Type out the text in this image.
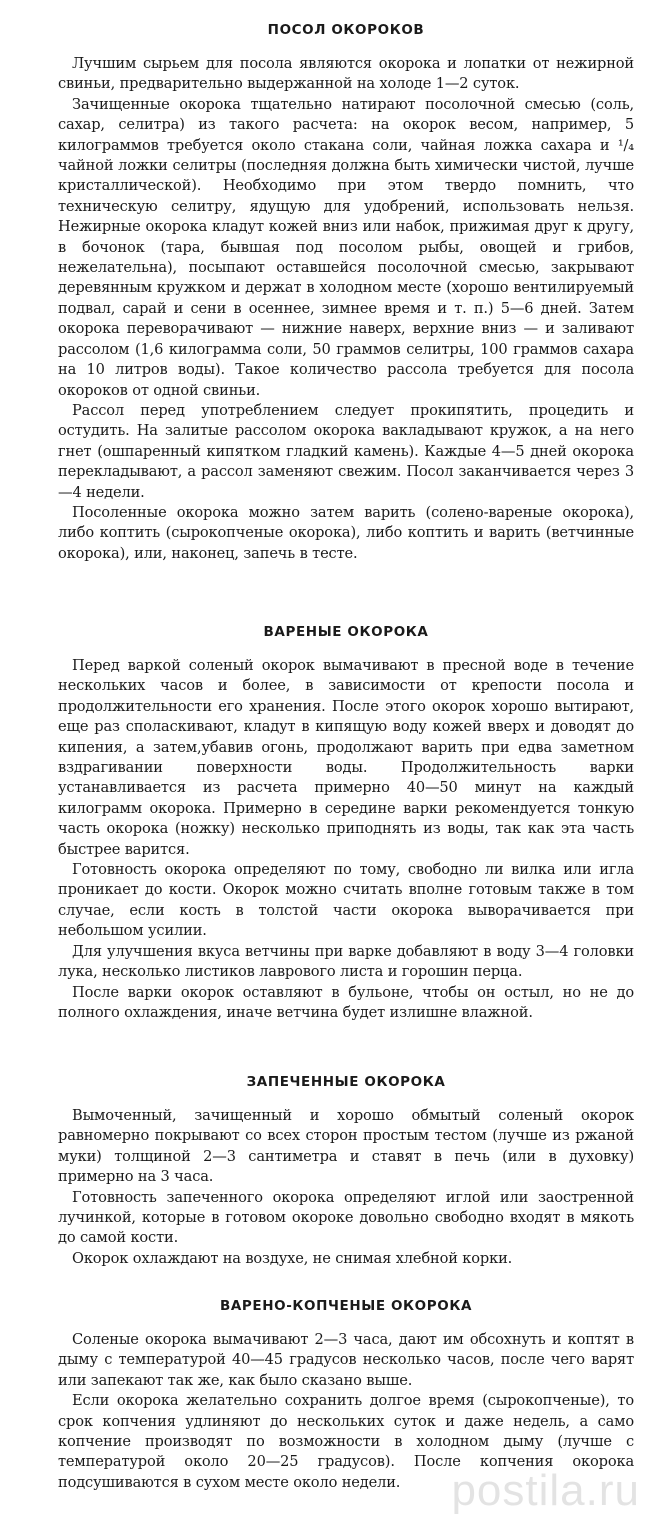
ПОСОЛ ОКОРОКОВ

Лучшим сырьем для посола являются окорока и лопатки от нежирной свиньи, предварительно выдержанной на холоде 1—2 суток.

Зачищенные окорока тщательно натирают посолочной смесью (соль, сахар, селитра) из такого расчета: на окорок весом, например, 5 килограммов требуется около стакана соли, чайная ложка сахара и ¹/₄ чайной ложки селитры (последняя должна быть химически чистой, лучше кристаллической). Необходимо при этом твердо помнить, что техническую селитру, ядущую для удобрений, использовать нельзя. Нежирные окорока кладут кожей вниз или набок, прижимая друг к другу, в бочонок (тара, бывшая под посолом рыбы, овощей и грибов, нежелательна), посыпают оставшейся посолочной смесью, закрывают деревянным кружком и держат в холодном месте (хорошо вентилируемый подвал, сарай и сени в осеннее, зимнее время и т. п.) 5—6 дней. Затем окорока переворачивают — нижние наверх, верхние вниз — и заливают рассолом (1,6 килограмма соли, 50 граммов селитры, 100 граммов сахара на 10 литров воды). Такое количество рассола требуется для посола окороков от одной свиньи.

Рассол перед употреблением следует прокипятить, процедить и остудить. На залитые рассолом окорока вакладывают кружок, а на него гнет (ошпаренный кипятком гладкий камень). Каждые 4—5 дней окорока перекладывают, а рассол заменяют свежим. Посол заканчивается через 3—4 недели.

Посоленные окорока можно затем варить (солено-вареные окорока), либо коптить (сырокопченые окорока), либо коптить и варить (ветчинные окорока), или, наконец, запечь в тесте.

ВАРЕНЫЕ ОКОРОКА

Перед варкой соленый окорок вымачивают в пресной воде в течение нескольких часов и более, в зависимости от крепости посола и продолжительности его хранения. После этого окорок хорошо вытирают, еще раз споласкивают, кладут в кипящую воду кожей вверх и доводят до кипения, а затем,убавив огонь, продолжают варить при едва заметном вздрагивании поверхности воды. Продолжительность варки устанавливается из расчета примерно 40—50 минут на каждый килограмм окорока. Примерно в середине варки рекомендуется тонкую часть окорока (ножку) несколько приподнять из воды, так как эта часть быстрее варится.

Готовность окорока определяют по тому, свободно ли вилка или игла проникает до кости. Окорок можно считать вполне готовым также в том случае, если кость в толстой части окорока выворачивается при небольшом усилии.

Для улучшения вкуса ветчины при варке добавляют в воду 3—4 головки лука, несколько листиков лаврового листа и горошин перца.

После варки окорок оставляют в бульоне, чтобы он остыл, но не до полного охлаждения, иначе ветчина будет излишне влажной.

ЗАПЕЧЕННЫЕ ОКОРОКА

Вымоченный, зачищенный и хорошо обмытый соленый окорок равномерно покрывают со всех сторон простым тестом (лучше из ржаной муки) толщиной 2—3 сантиметра и ставят в печь (или в духовку) примерно на 3 часа.

Готовность запеченного окорока определяют иглой или заостренной лучинкой, которые в готовом окороке довольно свободно входят в мякоть до самой кости.

Окорок охлаждают на воздухе, не снимая хлебной корки.

ВАРЕНО-КОПЧЕНЫЕ ОКОРОКА

Соленые окорока вымачивают 2—3 часа, дают им обсохнуть и коптят в дыму с температурой 40—45 градусов несколько часов, после чего варят или запекают так же, как было сказано выше.

Если окорока желательно сохранить долгое время (сырокопченые), то срок копчения удлиняют до нескольких суток и даже недель, а само копчение производят по возможности в холодном дыму (лучше с температурой около 20—25 градусов). После копчения окорока подсушиваются в сухом месте около недели.	postila.ru
